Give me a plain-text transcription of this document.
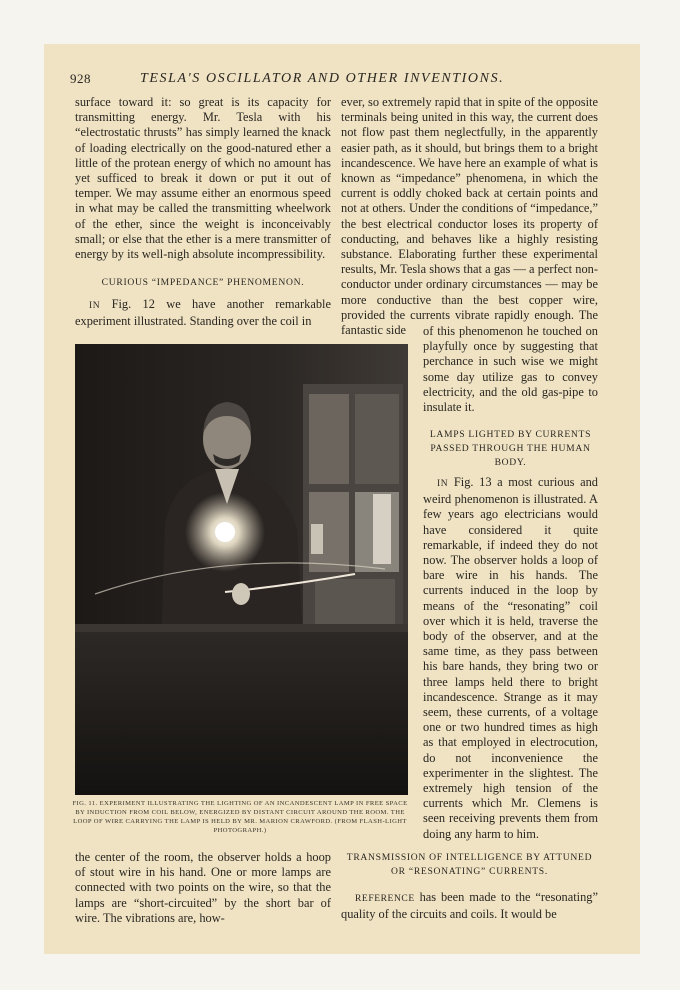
928	TESLA'S OSCILLATOR AND OTHER INVENTIONS.

surface toward it: so great is its capacity for transmitting energy. Mr. Tesla with his “electrostatic thrusts” has simply learned the knack of loading electrically on the good-natured ether a little of the protean energy of which no amount has yet sufficed to break it down or put it out of temper. We may assume either an enormous speed in what may be called the transmitting wheelwork of the ether, since the weight is inconceivably small; or else that the ether is a mere transmitter of energy by its well-nigh absolute incompressibility.

CURIOUS “IMPEDANCE” PHENOMENON.

IN Fig. 12 we have another remarkable experiment illustrated. Standing over the coil in

ever, so extremely rapid that in spite of the opposite terminals being united in this way, the current does not flow past them neglectfully, in the apparently easier path, as it should, but brings them to a bright incandescence. We have here an example of what is known as “impedance” phenomena, in which the current is oddly choked back at certain points and not at others. Under the conditions of “impedance,” the best electrical conductor loses its property of conducting, and behaves like a highly resisting substance. Elaborating further these experimental results, Mr. Tesla shows that a gas — a perfect non-conductor under ordinary circumstances — may be more conductive than the best copper wire, provided the currents vibrate rapidly enough. The fantastic side	of this phenomenon he touched on playfully once by suggesting that perchance in such wise we might some day utilize gas to convey electricity, and the old gas-pipe to insulate it.

LAMPS LIGHTED BY CURRENTS PASSED THROUGH THE HUMAN BODY.

IN Fig. 13 a most curious and weird phenomenon is illustrated. A few years ago electricians would have considered it quite remarkable, if indeed they do not now. The observer holds a loop of bare wire in his hands. The currents induced in the loop by means of the “resonating” coil over which it is held, traverse the body of the observer, and at the same time, as they pass between his bare hands, they bring two or three lamps held there to bright incandescence. Strange as it may seem, these currents, of a voltage one or two hundred times as high as that employed in electrocution, do not inconvenience the experimenter in the slightest. The extremely high tension of the currents which Mr. Clemens is seen receiving prevents them from doing any harm to him.

FIG. 11. EXPERIMENT ILLUSTRATING THE LIGHTING OF AN INCANDESCENT LAMP IN FREE SPACE BY INDUCTION FROM COIL BELOW, ENERGIZED BY DISTANT CIRCUIT AROUND THE ROOM. THE LOOP OF WIRE CARRYING THE LAMP IS HELD BY MR. MARION CRAWFORD. (FROM FLASH-LIGHT PHOTOGRAPH.)

the center of the room, the observer holds a hoop of stout wire in his hand. One or more lamps are connected with two points on the wire, so that the lamps are “short-circuited” by the short bar of wire. The vibrations are, how-

TRANSMISSION OF INTELLIGENCE BY ATTUNED OR “RESONATING” CURRENTS.

REFERENCE has been made to the “resonating” quality of the circuits and coils. It would be
